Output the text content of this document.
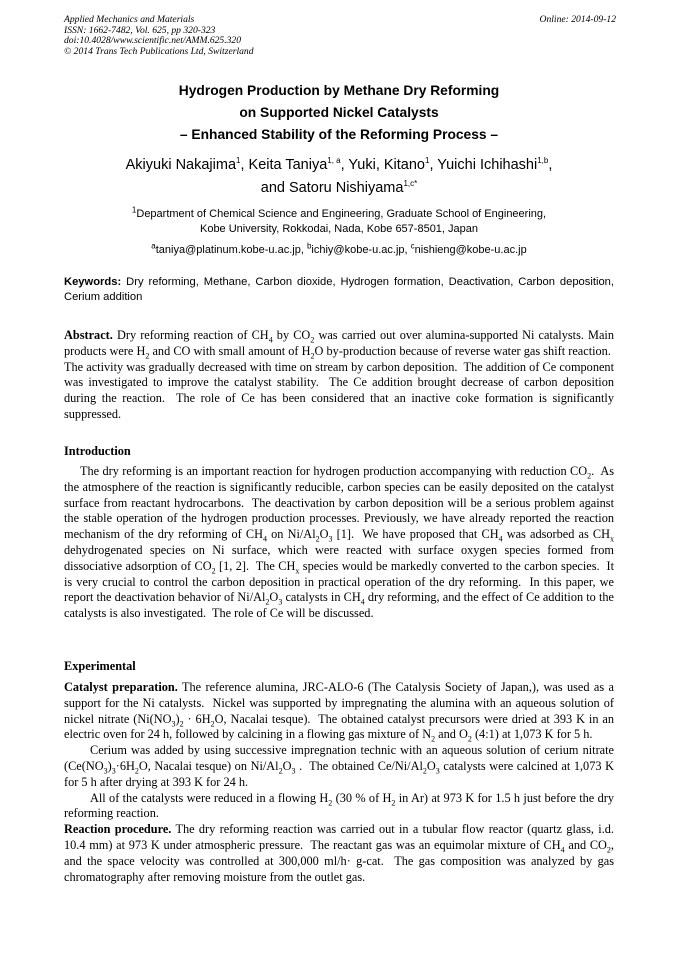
Applied Mechanics and Materials
ISSN: 1662-7482, Vol. 625, pp 320-323
doi:10.4028/www.scientific.net/AMM.625.320
© 2014 Trans Tech Publications Ltd, Switzerland
Online: 2014-09-12
Hydrogen Production by Methane Dry Reforming
on Supported Nickel Catalysts
– Enhanced Stability of the Reforming Process –
Akiyuki Nakajima$^1$, Keita Taniya$^{1, a}$, Yuki, Kitano$^1$, Yuichi Ichihashi$^{1,b}$,
and Satoru Nishiyama$^{1,c*}$
$^1$Department of Chemical Science and Engineering, Graduate School of Engineering,
Kobe University, Rokkodai, Nada, Kobe 657-8501, Japan
$^a$taniya@platinum.kobe-u.ac.jp, $^b$ichiy@kobe-u.ac.jp, $^c$nishieng@kobe-u.ac.jp
Keywords: Dry reforming, Methane, Carbon dioxide, Hydrogen formation, Deactivation, Carbon deposition, Cerium addition

Abstract. Dry reforming reaction of $CH_4$ by $CO_2$ was carried out over alumina-supported Ni catalysts. Main products were $H_2$ and CO with small amount of $H_2O$ by-production because of reverse water gas shift reaction.  The activity was gradually decreased with time on stream by carbon deposition.  The addition of Ce component was investigated to improve the catalyst stability.  The Ce addition brought decrease of carbon deposition during the reaction.  The role of Ce has been considered that an inactive coke formation is significantly suppressed.

Introduction

The dry reforming is an important reaction for hydrogen production accompanying with reduction $CO_2$.  As the atmosphere of the reaction is significantly reducible, carbon species can be easily deposited on the catalyst surface from reactant hydrocarbons.  The deactivation by carbon deposition will be a serious problem against the stable operation of the hydrogen production processes. Previously, we have already reported the reaction mechanism of the dry reforming of $CH_4$ on $Ni/Al_2O_3$ [1].  We have proposed that $CH_4$ was adsorbed as $CH_x$ dehydrogenated species on Ni surface, which were reacted with surface oxygen species formed from dissociative adsorption of $CO_2$ [1, 2].  The $CH_x$ species would be markedly converted to the carbon species.  It is very crucial to control the carbon deposition in practical operation of the dry reforming.  In this paper, we report the deactivation behavior of $Ni/Al_2O_3$ catalysts in $CH_4$ dry reforming, and the effect of Ce addition to the catalysts is also investigated.  The role of Ce will be discussed.

Experimental

Catalyst preparation. The reference alumina, JRC-ALO-6 (The Catalysis Society of Japan,), was used as a support for the Ni catalysts.  Nickel was supported by impregnating the alumina with an aqueous solution of nickel nitrate ($Ni(NO_3)_2 \cdot 6H_2O$, Nacalai tesque).  The obtained catalyst precursors were dried at 393 K in an electric oven for 24 h, followed by calcining in a flowing gas mixture of $N_2$ and $O_2$ (4:1) at 1,073 K for 5 h.

Cerium was added by using successive impregnation technic with an aqueous solution of cerium nitrate ($Ce(NO_3)_3\cdot 6H_2O$, Nacalai tesque) on $Ni/Al_2O_3$ .  The obtained $Ce/Ni/Al_2O_3$ catalysts were calcined at 1,073 K for 5 h after drying at 393 K for 24 h.

All of the catalysts were reduced in a flowing $H_2$ (30 % of $H_2$ in Ar) at 973 K for 1.5 h just before the dry reforming reaction.

Reaction procedure. The dry reforming reaction was carried out in a tubular flow reactor (quartz glass, i.d. 10.4 mm) at 973 K under atmospheric pressure.  The reactant gas was an equimolar mixture of $CH_4$ and $CO_2$, and the space velocity was controlled at 300,000 ml/h· g-cat.  The gas composition was analyzed by gas chromatography after removing moisture from the outlet gas.
